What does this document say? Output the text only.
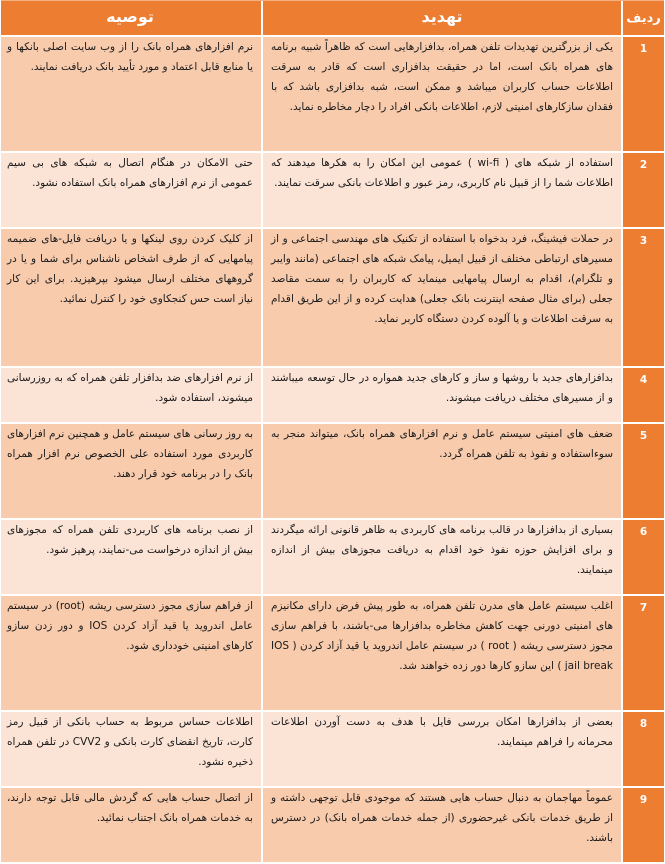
ردیف
تهدید
توصیه
1
یکی از بزرگترین تهدیدات تلفن همراه، بدافزارهایی است که ظاهراً شبیه برنامه های همراه بانک است، اما در حقیقت بدافزاری است که قادر به سرقت اطلاعات حساب کاربران میباشد و ممکن است، شبه بدافزاری باشد که با فقدان سازکارهای امنیتی لازم، اطلاعات بانکی افراد را دچار مخاطره نماید.
نرم افزارهای همراه بانک را از وب سایت اصلی بانکها و یا منابع قابل اعتماد و مورد تأیید بانک دریافت نمایند.
2
استفاده از شبکه های ( wi-fi ) عمومی این امکان را به هکرها میدهند که اطلاعات شما را از قبیل نام کاربری، رمز عبور و اطلاعات بانکی سرقت نمایند.
حتی الامکان در هنگام اتصال به شبکه های بی سیم عمومی از نرم افزارهای همراه بانک استفاده نشود.
3
در حملات فیشینگ، فرد بدخواه با استفاده از تکنیک های مهندسی اجتماعی و از مسیرهای ارتباطی مختلف از قبیل ایمیل، پیامک شبکه های اجتماعی (مانند وایبر و تلگرام)، اقدام به ارسال پیامهایی مینماید که کاربران را به سمت مقاصد جعلی (برای مثال صفحه اینترنت بانک جعلی) هدایت کرده و از این طریق اقدام به سرقت اطلاعات و یا آلوده کردن دستگاه کاربر نماید.
از کلیک کردن روی لینکها و یا دریافت فایل-های ضمیمه پیامهایی که از طرف اشخاص ناشناس برای شما و یا در گروههای مختلف ارسال میشود بپرهیزید. برای این کار نیاز است حس کنجکاوی خود را کنترل نمائید.
4
بدافزارهای جدید با روشها و ساز و کارهای جدید همواره در حال توسعه میباشند و از مسیرهای مختلف دریافت میشوند.
از نرم افزارهای ضد بدافزار تلفن همراه که به روزرسانی میشوند، استفاده شود.
5
ضعف های امنیتی سیستم عامل و نرم افزارهای همراه بانک، میتواند منجر به سوءاستفاده و نفوذ به تلفن همراه گردد.
به روز رسانی های سیستم عامل و همچنین نرم افزارهای کاربردی مورد استفاده علی الخصوص نرم افزار همراه بانک را در برنامه خود قرار دهند.
6
بسیاری از بدافزارها در قالب برنامه های کاربردی به ظاهر قانونی ارائه میگردند و برای افزایش حوزه نفوذ خود اقدام به دریافت مجوزهای بیش از اندازه مینمایند.
از نصب برنامه های کاربردی تلفن همراه که مجوزهای بیش از اندازه درخواست می-نمایند، پرهیز شود.
7
اغلب سیستم عامل های مدرن تلفن همراه، به طور پیش فرض دارای مکانیزم های امنیتی دورنی جهت کاهش مخاطره بدافزارها می-باشند، با فراهم سازی مجوز دسترسی ریشه ( root ) در سیستم عامل اندروید یا قید آزاد کردن ( IOS ( jail break این سازو کارها دور زده خواهند شد.
از فراهم سازی مجوز دسترسی ریشه (root) در سیستم عامل اندروید یا قید آزاد کردن IOS و دور زدن سازو کارهای امنیتی خودداری شود.
8
بعضی از بدافزارها امکان بررسی فایل با هدف به دست آوردن اطلاعات محرمانه را فراهم مینمایند.
اطلاعات حساس مربوط به حساب بانکی از قبیل رمز کارت، تاریخ انقضای کارت بانکی و CVV2 در تلفن همراه ذخیره نشود.
9
عموماً مهاجمان به دنبال حساب هایی هستند که موجودی قابل توجهی داشته و از طریق خدمات بانکی غیرحضوری (از جمله خدمات همراه بانک) در دسترس باشند.
از اتصال حساب هایی که گردش مالی قابل توجه دارند، به خدمات همراه بانک اجتناب نمائید.
